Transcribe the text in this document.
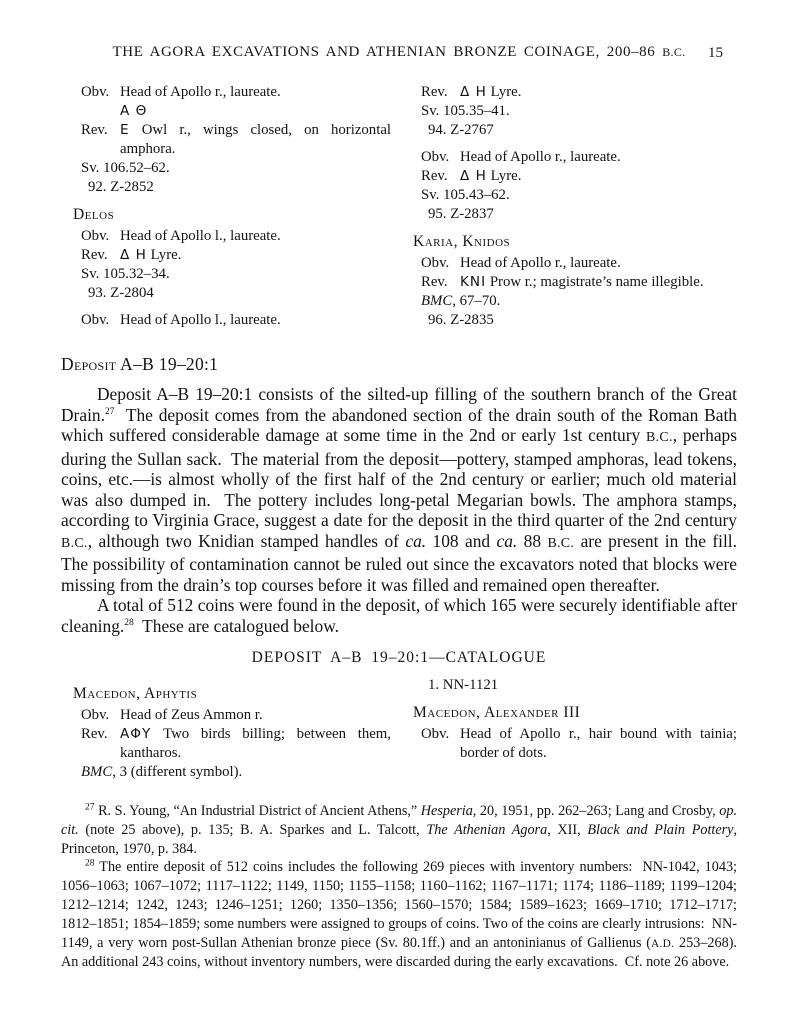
THE AGORA EXCAVATIONS AND ATHENIAN BRONZE COINAGE, 200–86 B.C. 15
Obv. Head of Apollo r., laureate.
Α Θ
Rev. Ε Owl r., wings closed, on horizontal amphora.
Sv. 106.52–62.
92. Z-2852
Delos
Obv. Head of Apollo l., laureate.
Rev. Δ Η Lyre.
Sv. 105.32–34.
93. Z-2804
Obv. Head of Apollo l., laureate.
Rev. Δ Η Lyre.
Sv. 105.35–41.
94. Z-2767
Obv. Head of Apollo r., laureate.
Rev. Δ Η Lyre.
Sv. 105.43–62.
95. Z-2837
Karia, Knidos
Obv. Head of Apollo r., laureate.
Rev. ΚΝΙ Prow r.; magistrate’s name illegible.
BMC, 67–70.
96. Z-2835
Deposit A–B 19–20:1

Deposit A–B 19–20:1 consists of the silted-up filling of the southern branch of the Great Drain.$^{27}$  The deposit comes from the abandoned section of the drain south of the Roman Bath which suffered considerable damage at some time in the 2nd or early 1st century B.C., perhaps during the Sullan sack.  The material from the deposit—pottery, stamped amphoras, lead tokens, coins, etc.—is almost wholly of the first half of the 2nd century or earlier; much old material was also dumped in.  The pottery includes long-petal Megarian bowls. The amphora stamps, according to Virginia Grace, suggest a date for the deposit in the third quarter of the 2nd century B.C., although two Knidian stamped handles of ca. 108 and ca. 88 B.C. are present in the fill.  The possibility of contamination cannot be ruled out since the excavators noted that blocks were missing from the drain’s top courses before it was filled and remained open thereafter.

A total of 512 coins were found in the deposit, of which 165 were securely identifiable after cleaning.$^{28}$  These are catalogued below.

DEPOSIT A–B 19–20:1—CATALOGUE
Macedon, Aphytis
Obv. Head of Zeus Ammon r.
Rev. ΑΦΥ Two birds billing; between them, kantharos.
BMC, 3 (different symbol).
1. NN-1121
Macedon, Alexander III
Obv. Head of Apollo r., hair bound with tainia; border of dots.

$^{27}$ R. S. Young, “An Industrial District of Ancient Athens,” Hesperia, 20, 1951, pp. 262–263; Lang and Crosby, op. cit. (note 25 above), p. 135; B. A. Sparkes and L. Talcott, The Athenian Agora, XII, Black and Plain Pottery, Princeton, 1970, p. 384.

$^{28}$ The entire deposit of 512 coins includes the following 269 pieces with inventory numbers:  NN-1042, 1043; 1056–1063; 1067–1072; 1117–1122; 1149, 1150; 1155–1158; 1160–1162; 1167–1171; 1174; 1186–1189; 1199–1204; 1212–1214; 1242, 1243; 1246–1251; 1260; 1350–1356; 1560–1570; 1584; 1589–1623; 1669–1710; 1712–1717; 1812–1851; 1854–1859; some numbers were assigned to groups of coins. Two of the coins are clearly intrusions:  NN-1149, a very worn post-Sullan Athenian bronze piece (Sv. 80.1ff.) and an antoninianus of Gallienus (A.D. 253–268).  An additional 243 coins, without inventory numbers, were discarded during the early excavations.  Cf. note 26 above.
